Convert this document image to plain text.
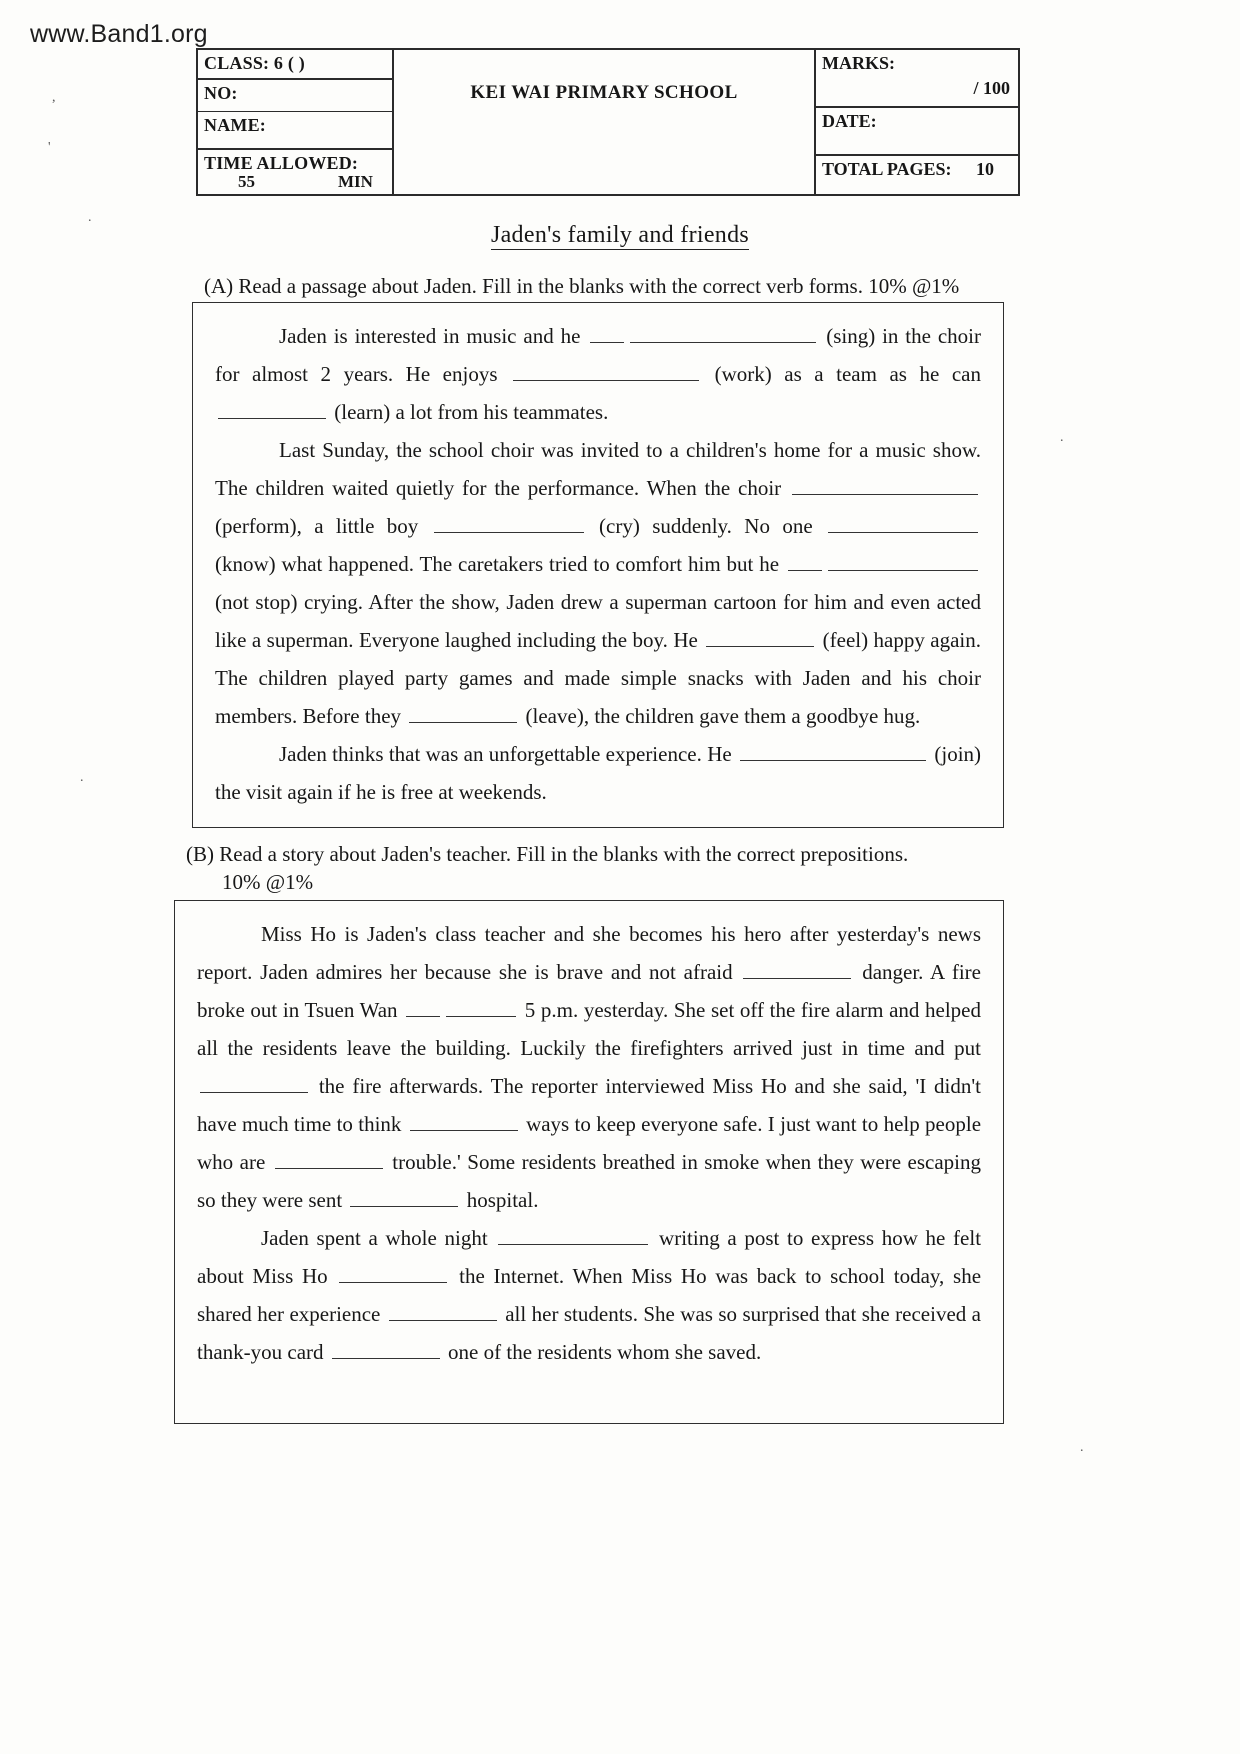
www.Band1.org
CLASS: 6 ( )
NO:
NAME:
TIME ALLOWED:
55	MIN
KEI WAI PRIMARY SCHOOL
MARKS:
/ 100
DATE:
TOTAL PAGES:	10
Jaden's family and friends
(A) Read a passage about Jaden. Fill in the blanks with the correct verb forms. 10% @1%

Jaden is interested in music and he	(sing) in the choir for almost 2 years. He enjoys	(work) as a team as he can  (learn) a lot from his teammates.

Last Sunday, the school choir was invited to a children's home for a music show. The children waited quietly for the performance. When the choir  (perform), a little boy	(cry) suddenly. No one  (know) what happened. The caretakers tried to comfort him but he  (not stop) crying. After the show, Jaden drew a superman cartoon for him and even acted like a superman. Everyone laughed including the boy. He	(feel) happy again. The children played party games and made simple snacks with Jaden and his choir members. Before they	(leave), the children gave them a goodbye hug.

Jaden thinks that was an unforgettable experience. He	(join) the visit again if he is free at weekends.

(B) Read a story about Jaden's teacher. Fill in the blanks with the correct prepositions.
10% @1%

Miss Ho is Jaden's class teacher and she becomes his hero after yesterday's news report. Jaden admires her because she is brave and not afraid	danger. A fire broke out in Tsuen Wan	5 p.m. yesterday. She set off the fire alarm and helped all the residents leave the building. Luckily the firefighters arrived just in time and put  the fire afterwards. The reporter interviewed Miss Ho and she said, 'I didn't have much time to think	ways to keep everyone safe. I just want to help people who are	trouble.' Some residents breathed in smoke when they were escaping so they were sent	hospital.

Jaden spent a whole night	writing a post to express how he felt about Miss Ho	the Internet. When Miss Ho was back to school today, she shared her experience	all her students. She was so surprised that she received a thank-you card	one of the residents whom she saved.

,
'
.
.
.
.
